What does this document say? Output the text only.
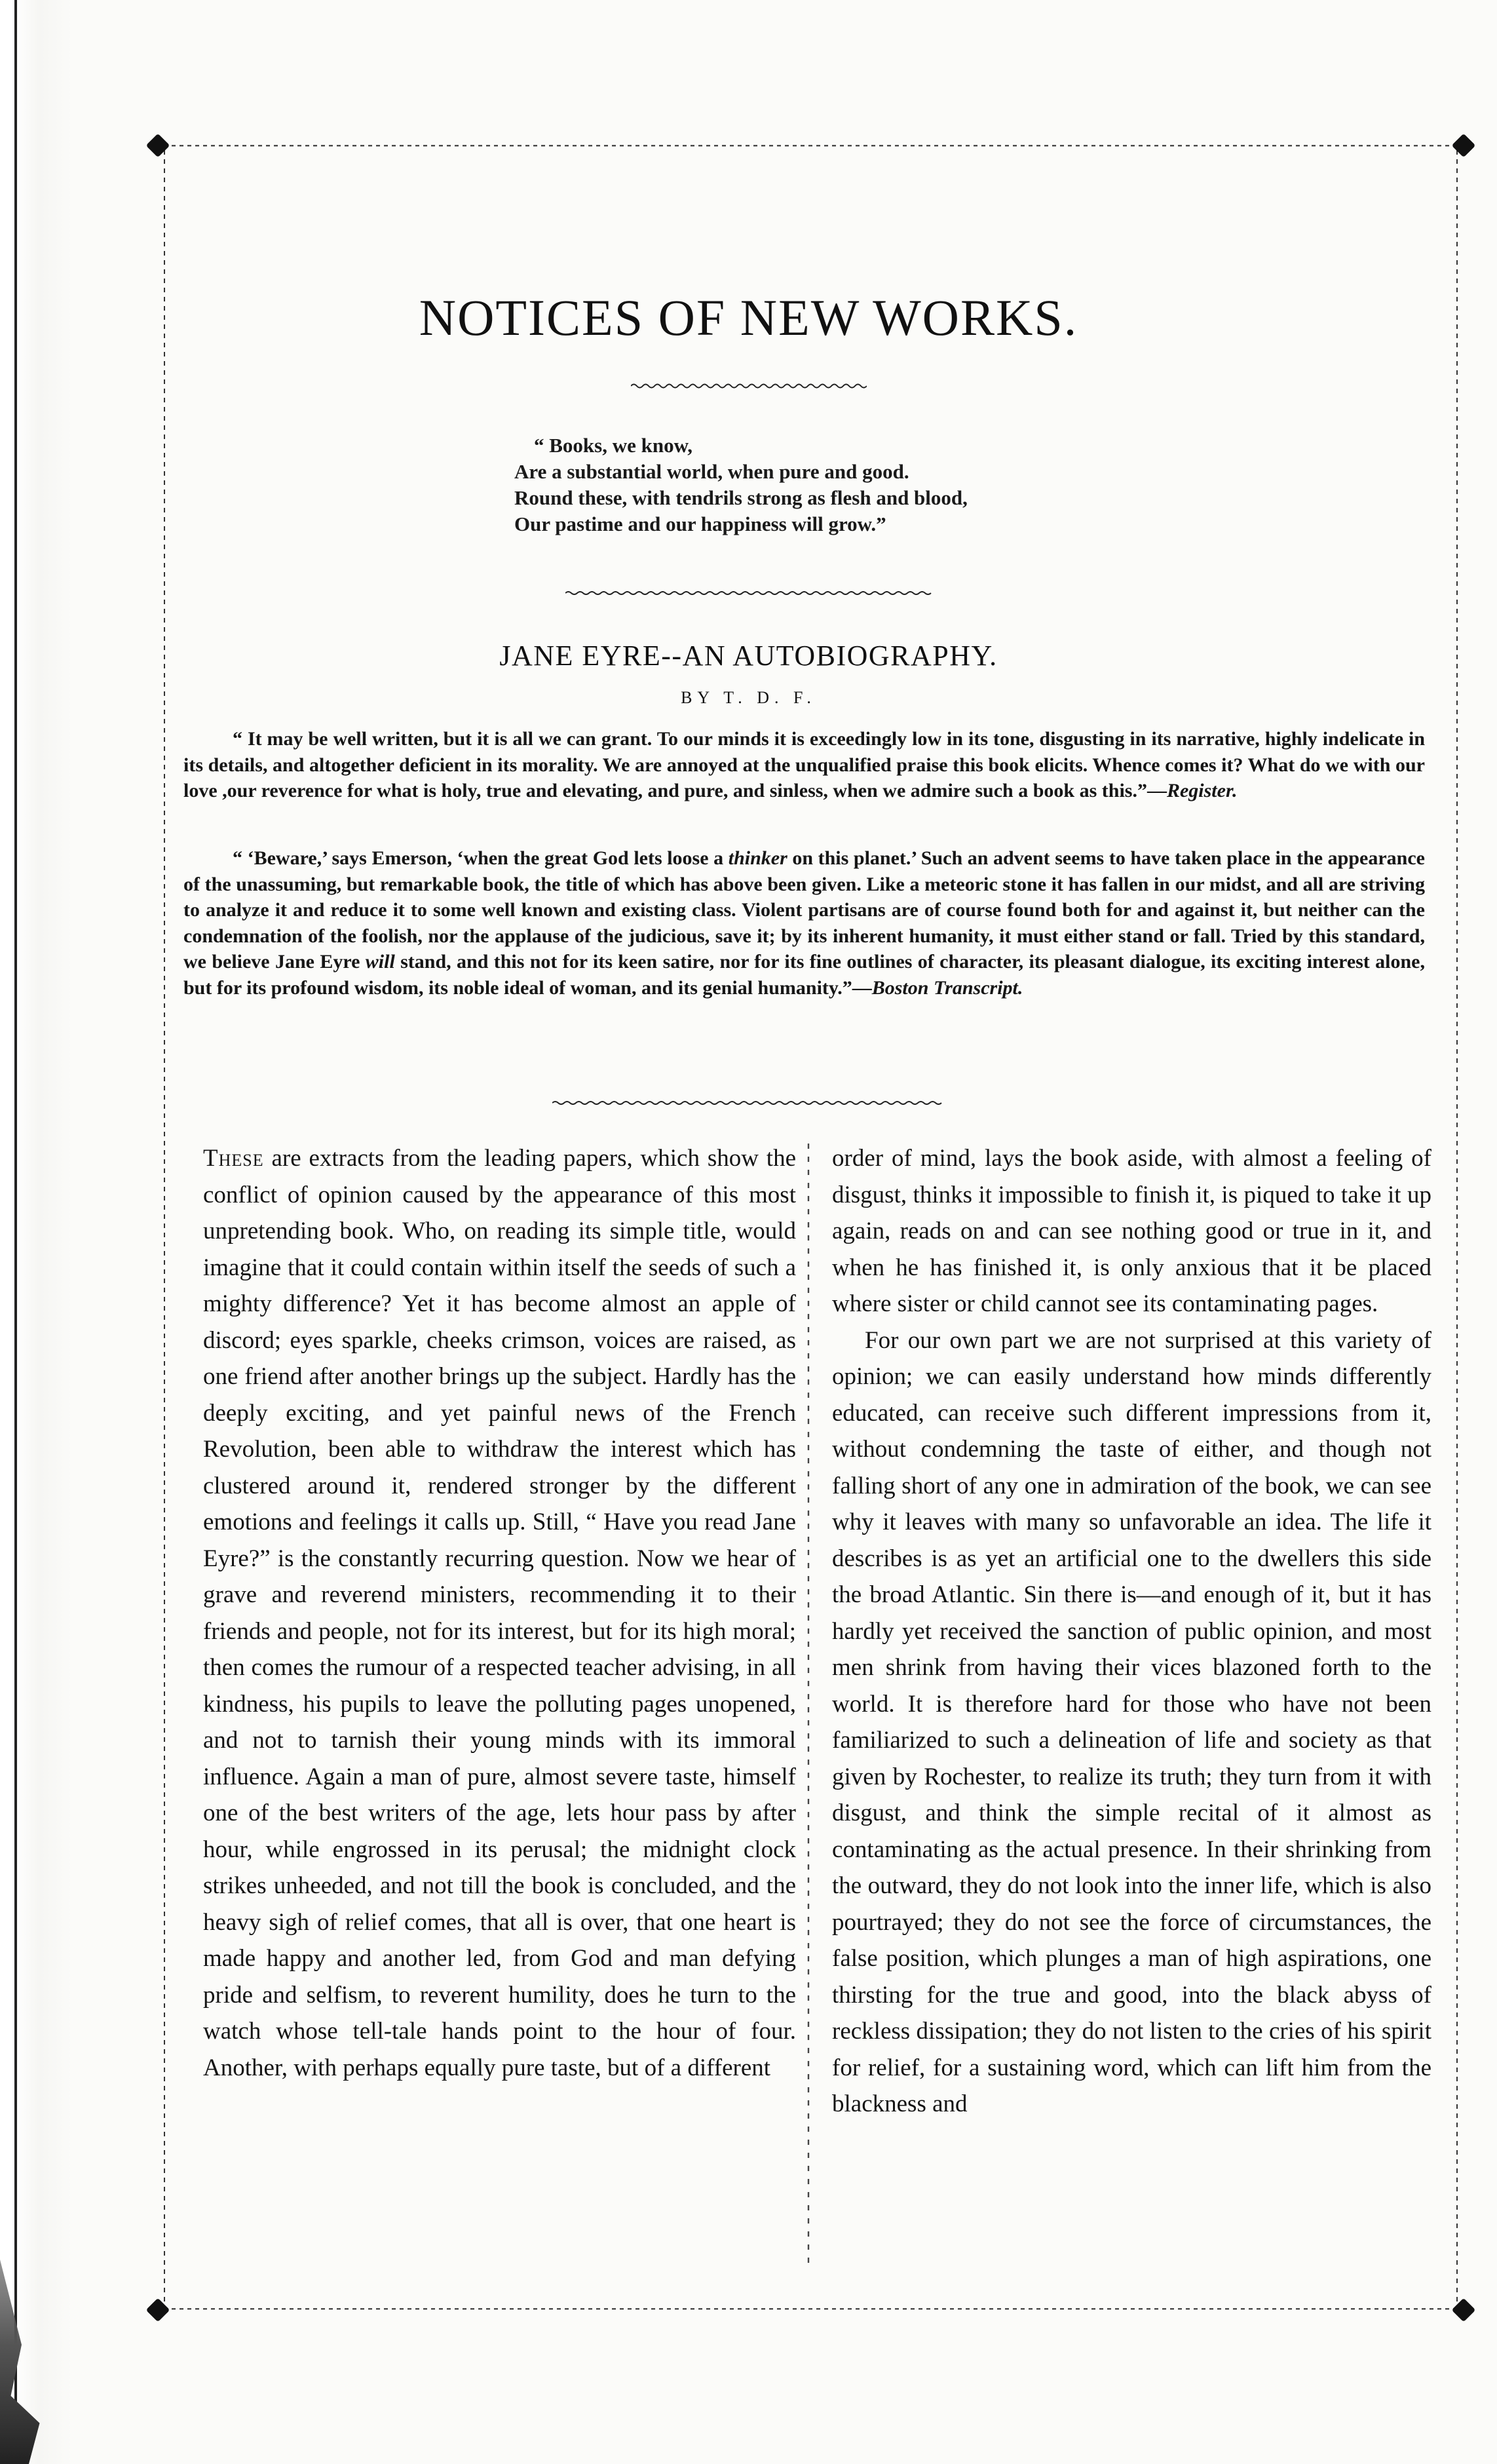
NOTICES OF NEW WORKS.
“ Books, we know,
Are a substantial world, when pure and good.
Round these, with tendrils strong as flesh and blood,
Our pastime and our happiness will grow.”
JANE EYRE--AN AUTOBIOGRAPHY.

BY T. D. F.

“ It may be well written, but it is all we can grant. To our minds it is exceedingly low in its tone, disgusting in its narrative, highly indelicate in its details, and altogether deficient in its morality. We are annoyed at the unqualified praise this book elicits. Whence comes it? What do we with our love ,our reverence for what is holy, true and elevating, and pure, and sinless, when we admire such a book as this.”—Register.

“ ‘Beware,’ says Emerson, ‘when the great God lets loose a thinker on this planet.’ Such an advent seems to have taken place in the appearance of the unassuming, but remarkable book, the title of which has above been given. Like a meteoric stone it has fallen in our midst, and all are striving to analyze it and reduce it to some well known and existing class. Violent partisans are of course found both for and against it, but neither can the condemnation of the foolish, nor the applause of the judicious, save it; by its inherent humanity, it must either stand or fall. Tried by this standard, we believe Jane Eyre will stand, and this not for its keen satire, nor for its fine outlines of character, its pleasant dialogue, its exciting interest alone, but for its profound wisdom, its noble ideal of woman, and its genial humanity.”—Boston Transcript.

These are extracts from the leading papers, which show the conflict of opinion caused by the appearance of this most unpretending book. Who, on reading its simple title, would imagine that it could contain within itself the seeds of such a mighty difference? Yet it has become almost an apple of discord; eyes sparkle, cheeks crimson, voices are raised, as one friend after another brings up the subject. Hardly has the deeply exciting, and yet painful news of the French Revolution, been able to withdraw the interest which has clustered around it, rendered stronger by the different emotions and feelings it calls up. Still, “ Have you read Jane Eyre?” is the constantly recurring question. Now we hear of grave and reverend ministers, recommending it to their friends and people, not for its interest, but for its high moral; then comes the rumour of a respected teacher advising, in all kindness, his pupils to leave the polluting pages unopened, and not to tarnish their young minds with its immoral influence. Again a man of pure, almost severe taste, himself one of the best writers of the age, lets hour pass by after hour, while engrossed in its perusal; the midnight clock strikes unheeded, and not till the book is concluded, and the heavy sigh of relief comes, that all is over, that one heart is made happy and another led, from God and man defying pride and selfism, to reverent humility, does he turn to the watch whose tell-tale hands point to the hour of four. Another, with perhaps equally pure taste, but of a different

order of mind, lays the book aside, with almost a feeling of disgust, thinks it impossible to finish it, is piqued to take it up again, reads on and can see nothing good or true in it, and when he has finished it, is only anxious that it be placed where sister or child cannot see its contaminating pages.

For our own part we are not surprised at this variety of opinion; we can easily understand how minds differently educated, can receive such different impressions from it, without condemning the taste of either, and though not falling short of any one in admiration of the book, we can see why it leaves with many so unfavorable an idea. The life it describes is as yet an artificial one to the dwellers this side the broad Atlantic. Sin there is—and enough of it, but it has hardly yet received the sanction of public opinion, and most men shrink from having their vices blazoned forth to the world. It is therefore hard for those who have not been familiarized to such a delineation of life and society as that given by Rochester, to realize its truth; they turn from it with disgust, and think the simple recital of it almost as contaminating as the actual presence. In their shrinking from the outward, they do not look into the inner life, which is also pourtrayed; they do not see the force of circumstances, the false position, which plunges a man of high aspirations, one thirsting for the true and good, into the black abyss of reckless dissipation; they do not listen to the cries of his spirit for relief, for a sustaining word, which can lift him from the blackness and
